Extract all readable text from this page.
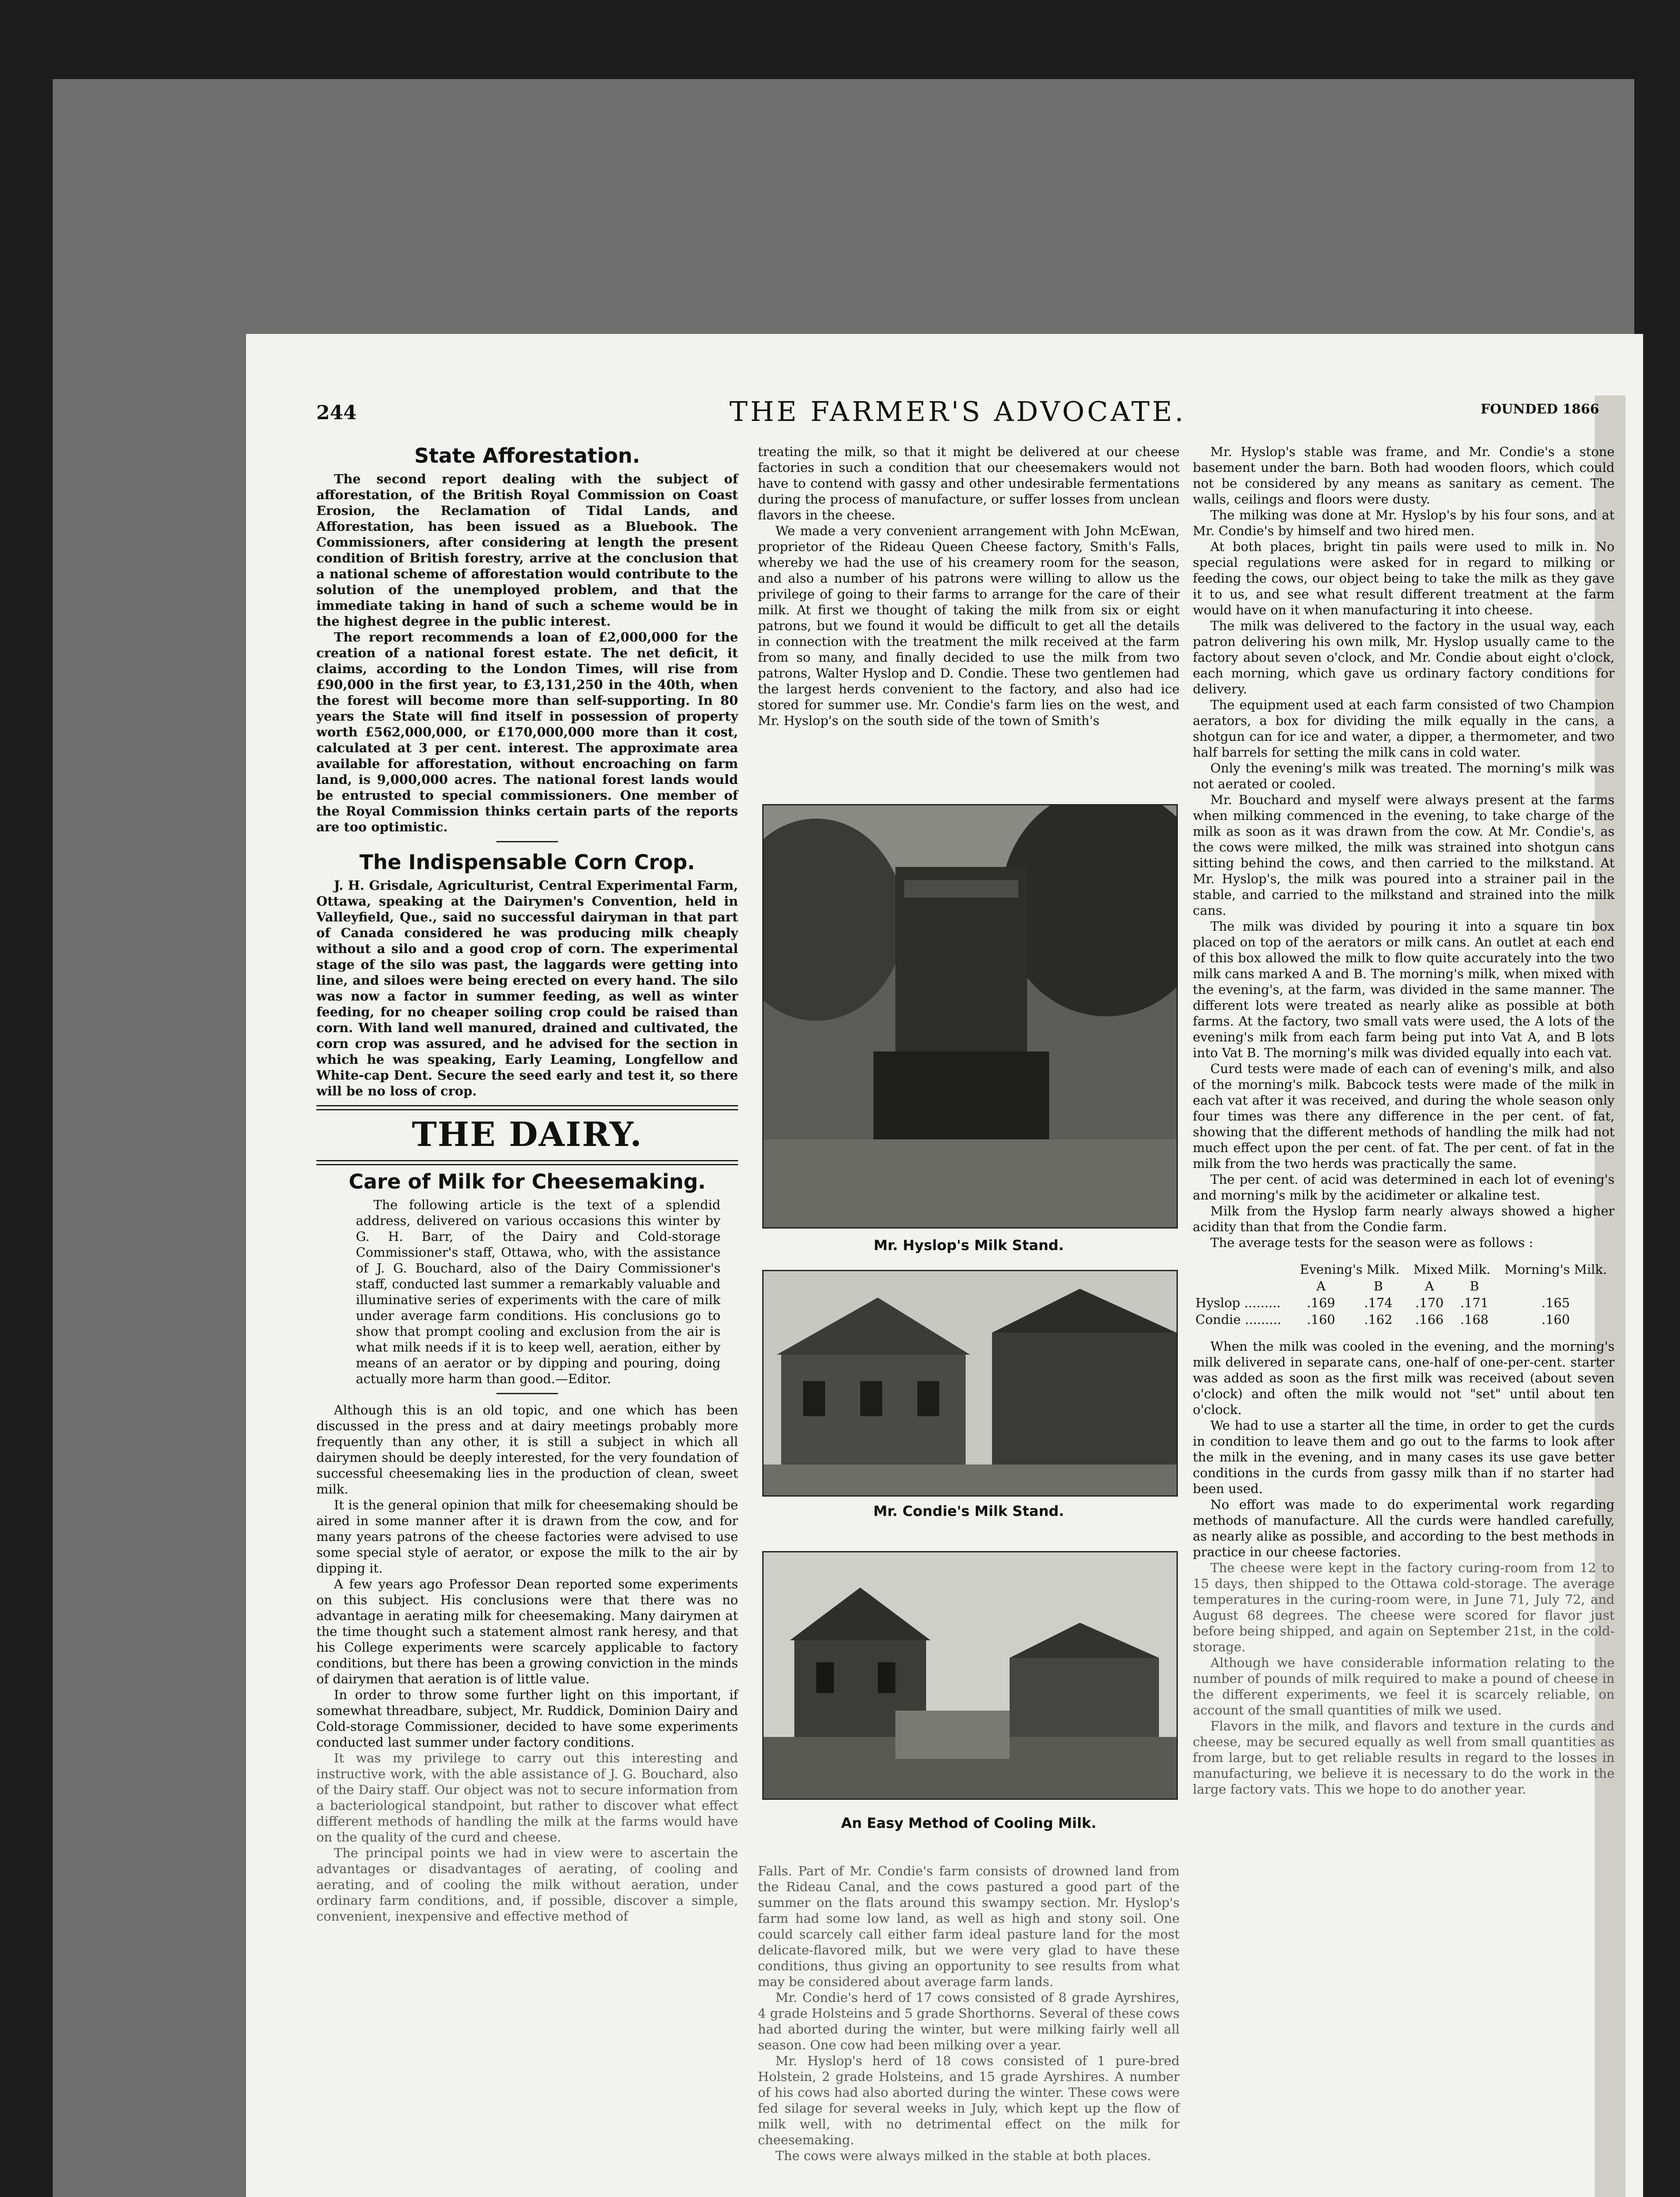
244	THE FARMER'S ADVOCATE.	FOUNDED 1866
State Afforestation.

The second report dealing with the subject of afforestation, of the British Royal Commission on Coast Erosion, the Reclamation of Tidal Lands, and Afforestation, has been issued as a Bluebook. The Commissioners, after considering at length the present condition of British forestry, arrive at the conclusion that a national scheme of afforestation would contribute to the solution of the unemployed problem, and that the immediate taking in hand of such a scheme would be in the highest degree in the public interest.

The report recommends a loan of £2,000,000 for the creation of a national forest estate. The net deficit, it claims, according to the London Times, will rise from £90,000 in the first year, to £3,131,250 in the 40th, when the forest will become more than self-supporting. In 80 years the State will find itself in possession of property worth £562,000,000, or £170,000,000 more than it cost, calculated at 3 per cent. interest. The approximate area available for afforestation, without encroaching on farm land, is 9,000,000 acres. The national forest lands would be entrusted to special commissioners. One member of the Royal Commission thinks certain parts of the reports are too optimistic.

The Indispensable Corn Crop.

J. H. Grisdale, Agriculturist, Central Experimental Farm, Ottawa, speaking at the Dairymen's Convention, held in Valleyfield, Que., said no successful dairyman in that part of Canada considered he was producing milk cheaply without a silo and a good crop of corn. The experimental stage of the silo was past, the laggards were getting into line, and siloes were being erected on every hand. The silo was now a factor in summer feeding, as well as winter feeding, for no cheaper soiling crop could be raised than corn. With land well manured, drained and cultivated, the corn crop was assured, and he advised for the section in which he was speaking, Early Leaming, Longfellow and White-cap Dent. Secure the seed early and test it, so there will be no loss of crop.

THE DAIRY.
Care of Milk for Cheesemaking.

The following article is the text of a splendid address, delivered on various occasions this winter by G. H. Barr, of the Dairy and Cold-storage Commissioner's staff, Ottawa, who, with the assistance of J. G. Bouchard, also of the Dairy Commissioner's staff, conducted last summer a remarkably valuable and illuminative series of experiments with the care of milk under average farm conditions. His conclusions go to show that prompt cooling and exclusion from the air is what milk needs if it is to keep well, aeration, either by means of an aerator or by dipping and pouring, doing actually more harm than good.—Editor.

Although this is an old topic, and one which has been discussed in the press and at dairy meetings probably more frequently than any other, it is still a subject in which all dairymen should be deeply interested, for the very foundation of successful cheesemaking lies in the production of clean, sweet milk.

It is the general opinion that milk for cheesemaking should be aired in some manner after it is drawn from the cow, and for many years patrons of the cheese factories were advised to use some special style of aerator, or expose the milk to the air by dipping it.

A few years ago Professor Dean reported some experiments on this subject. His conclusions were that there was no advantage in aerating milk for cheesemaking. Many dairymen at the time thought such a statement almost rank heresy, and that his College experiments were scarcely applicable to factory conditions, but there has been a growing conviction in the minds of dairymen that aeration is of little value.

In order to throw some further light on this important, if somewhat threadbare, subject, Mr. Ruddick, Dominion Dairy and Cold-storage Commissioner, decided to have some experiments conducted last summer under factory conditions.

It was my privilege to carry out this interesting and instructive work, with the able assistance of J. G. Bouchard, also of the Dairy staff. Our object was not to secure information from a bacteriological standpoint, but rather to discover what effect different methods of handling the milk at the farms would have on the quality of the curd and cheese.

The principal points we had in view were to ascertain the advantages or disadvantages of aerating, of cooling and aerating, and of cooling the milk without aeration, under ordinary farm conditions, and, if possible, discover a simple, convenient, inexpensive and effective method of

treating the milk, so that it might be delivered at our cheese factories in such a condition that our cheesemakers would not have to contend with gassy and other undesirable fermentations during the process of manufacture, or suffer losses from unclean flavors in the cheese.

We made a very convenient arrangement with John McEwan, proprietor of the Rideau Queen Cheese factory, Smith's Falls, whereby we had the use of his creamery room for the season, and also a number of his patrons were willing to allow us the privilege of going to their farms to arrange for the care of their milk. At first we thought of taking the milk from six or eight patrons, but we found it would be difficult to get all the details in connection with the treatment the milk received at the farm from so many, and finally decided to use the milk from two patrons, Walter Hyslop and D. Condie. These two gentlemen had the largest herds convenient to the factory, and also had ice stored for summer use. Mr. Condie's farm lies on the west, and Mr. Hyslop's on the south side of the town of Smith's

Mr. Hyslop's Milk Stand.
Mr. Condie's Milk Stand.
An Easy Method of Cooling Milk.

Falls. Part of Mr. Condie's farm consists of drowned land from the Rideau Canal, and the cows pastured a good part of the summer on the flats around this swampy section. Mr. Hyslop's farm had some low land, as well as high and stony soil. One could scarcely call either farm ideal pasture land for the most delicate-flavored milk, but we were very glad to have these conditions, thus giving an opportunity to see results from what may be considered about average farm lands.

Mr. Condie's herd of 17 cows consisted of 8 grade Ayrshires, 4 grade Holsteins and 5 grade Shorthorns. Several of these cows had aborted during the winter, but were milking fairly well all season. One cow had been milking over a year.

Mr. Hyslop's herd of 18 cows consisted of 1 pure-bred Holstein, 2 grade Holsteins, and 15 grade Ayrshires. A number of his cows had also aborted during the winter. These cows were fed silage for several weeks in July, which kept up the flow of milk well, with no detrimental effect on the milk for cheesemaking.

The cows were always milked in the stable at both places.

Mr. Hyslop's stable was frame, and Mr. Condie's a stone basement under the barn. Both had wooden floors, which could not be considered by any means as sanitary as cement. The walls, ceilings and floors were dusty.

The milking was done at Mr. Hyslop's by his four sons, and at Mr. Condie's by himself and two hired men.

At both places, bright tin pails were used to milk in. No special regulations were asked for in regard to milking or feeding the cows, our object being to take the milk as they gave it to us, and see what result different treatment at the farm would have on it when manufacturing it into cheese.

The milk was delivered to the factory in the usual way, each patron delivering his own milk, Mr. Hyslop usually came to the factory about seven o'clock, and Mr. Condie about eight o'clock, each morning, which gave us ordinary factory conditions for delivery.

The equipment used at each farm consisted of two Champion aerators, a box for dividing the milk equally in the cans, a shotgun can for ice and water, a dipper, a thermometer, and two half barrels for setting the milk cans in cold water.

Only the evening's milk was treated. The morning's milk was not aerated or cooled.

Mr. Bouchard and myself were always present at the farms when milking commenced in the evening, to take charge of the milk as soon as it was drawn from the cow. At Mr. Condie's, as the cows were milked, the milk was strained into shotgun cans sitting behind the cows, and then carried to the milkstand. At Mr. Hyslop's, the milk was poured into a strainer pail in the stable, and carried to the milkstand and strained into the milk cans.

The milk was divided by pouring it into a square tin box placed on top of the aerators or milk cans. An outlet at each end of this box allowed the milk to flow quite accurately into the two milk cans marked A and B. The morning's milk, when mixed with the evening's, at the farm, was divided in the same manner. The different lots were treated as nearly alike as possible at both farms. At the factory, two small vats were used, the A lots of the evening's milk from each farm being put into Vat A, and B lots into Vat B. The morning's milk was divided equally into each vat.

Curd tests were made of each can of evening's milk, and also of the morning's milk. Babcock tests were made of the milk in each vat after it was received, and during the whole season only four times was there any difference in the per cent. of fat, showing that the different methods of handling the milk had not much effect upon the per cent. of fat. The per cent. of fat in the milk from the two herds was practically the same.

The per cent. of acid was determined in each lot of evening's and morning's milk by the acidimeter or alkaline test.

Milk from the Hyslop farm nearly always showed a higher acidity than that from the Condie farm.

The average tests for the season were as follows :

	Evening's Milk.		Mixed Milk.		Morning's Milk.
	A	B	A	B	
Hyslop .........	.169	.174	.170	.171	.165
Condie .........	.160	.162	.166	.168	.160

When the milk was cooled in the evening, and the morning's milk delivered in separate cans, one-half of one-per-cent. starter was added as soon as the first milk was received (about seven o'clock) and often the milk would not "set" until about ten o'clock.

We had to use a starter all the time, in order to get the curds in condition to leave them and go out to the farms to look after the milk in the evening, and in many cases its use gave better conditions in the curds from gassy milk than if no starter had been used.

No effort was made to do experimental work regarding methods of manufacture. All the curds were handled carefully, as nearly alike as possible, and according to the best methods in practice in our cheese factories.

The cheese were kept in the factory curing-room from 12 to 15 days, then shipped to the Ottawa cold-storage. The average temperatures in the curing-room were, in June 71, July 72, and August 68 degrees. The cheese were scored for flavor just before being shipped, and again on September 21st, in the cold-storage.

Although we have considerable information relating to the number of pounds of milk required to make a pound of cheese in the different experiments, we feel it is scarcely reliable, on account of the small quantities of milk we used.

Flavors in the milk, and flavors and texture in the curds and cheese, may be secured equally as well from small quantities as from large, but to get reliable results in regard to the losses in manufacturing, we believe it is necessary to do the work in the large factory vats. This we hope to do another year.
